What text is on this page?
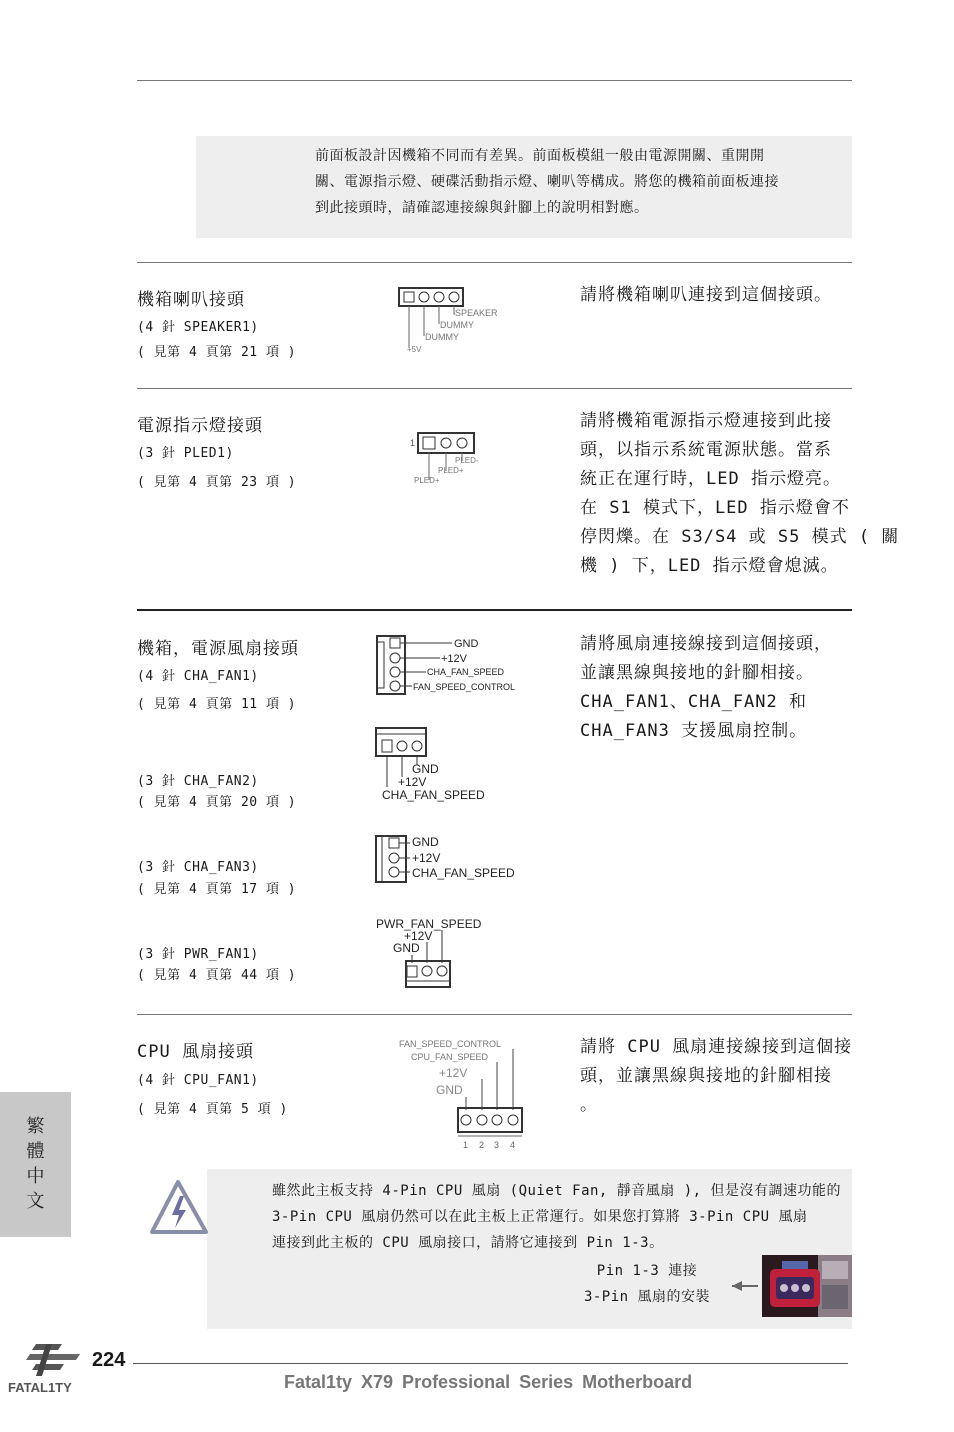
前面板設計因機箱不同而有差異。前面板模組一般由電源開關、重開開
關、電源指示燈、硬碟活動指示燈、喇叭等構成。將您的機箱前面板連接
到此接頭時，請確認連接線與針腳上的說明相對應。
機箱喇叭接頭
(4 針 SPEAKER1)
( 見第 4 頁第 21 項 )
SPEAKER
DUMMY
DUMMY
+5V
請將機箱喇叭連接到這個接頭。
電源指示燈接頭
(3 針 PLED1)
( 見第 4 頁第 23 項 )
1
PLED-
PLED+
PLED+
請將機箱電源指示燈連接到此接
頭，以指示系統電源狀態。當系
統正在運行時，LED 指示燈亮。
在 S1 模式下，LED 指示燈會不
停閃爍。在 S3/S4 或 S5 模式 ( 關
機 ) 下，LED 指示燈會熄滅。
機箱，電源風扇接頭
(4 針 CHA_FAN1)
( 見第 4 頁第 11 項 )
GND
+12V
CHA_FAN_SPEED
FAN_SPEED_CONTROL
請將風扇連接線接到這個接頭，
並讓黑線與接地的針腳相接。
CHA_FAN1、CHA_FAN2 和
CHA_FAN3 支援風扇控制。
GND
+12V
CHA_FAN_SPEED
(3 針 CHA_FAN2)
( 見第 4 頁第 20 項 )
GND
+12V
CHA_FAN_SPEED
(3 針 CHA_FAN3)
( 見第 4 頁第 17 項 )
PWR_FAN_SPEED
+12V
GND
(3 針 PWR_FAN1)
( 見第 4 頁第 44 項 )
CPU 風扇接頭
(4 針 CPU_FAN1)
( 見第 4 頁第 5 項 )
FAN_SPEED_CONTROL
CPU_FAN_SPEED
+12V
GND
1 2 3 4
請將 CPU 風扇連接線接到這個接
頭，並讓黑線與接地的針腳相接
。
雖然此主板支持 4-Pin CPU 風扇 (Quiet Fan, 靜音風扇 ), 但是沒有調速功能的
3-Pin CPU 風扇仍然可以在此主板上正常運行。如果您打算將 3-Pin CPU 風扇
連接到此主板的 CPU 風扇接口，請將它連接到 Pin 1-3。
Pin 1-3 連接
3-Pin 風扇的安裝
繁
體
中
文
FATAL1TY
224
Fatal1ty X79 Professional Series Motherboard
